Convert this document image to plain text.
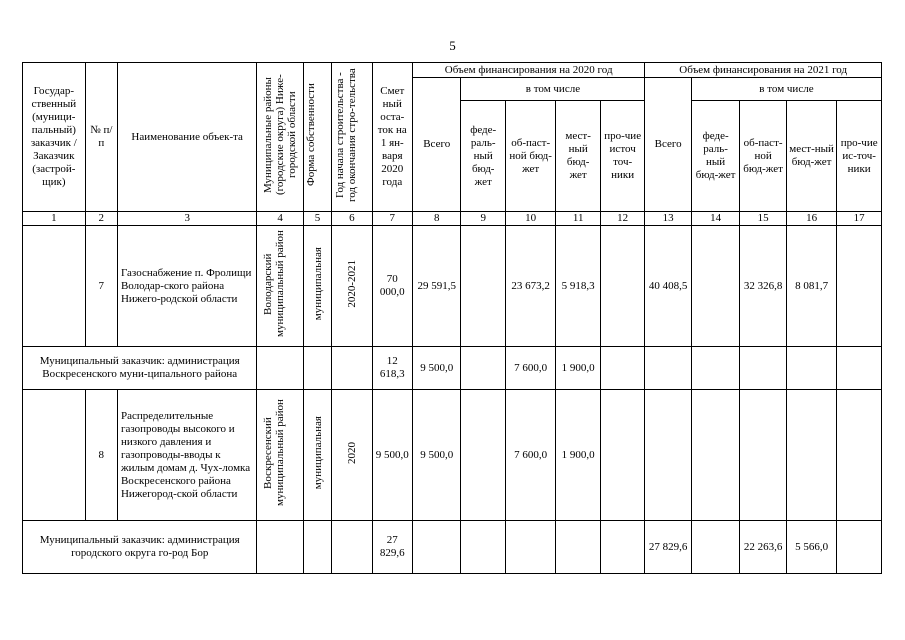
5
Государ-ственный (муници-пальный) заказчик /Заказчик (застрой-щик)	№ п/п	Наименование объек-та	Муниципальные районы (городские округа) Ниже-городской области	Форма собственности	Год начала строительства - год окончания стро-тельства	Смет ный оста-ток на 1 ян-варя 2020 года	Объем финансирования на 2020 год					Объем финансирования на 2021 год				
							Всего	в том числе				Всего	в том числе			
								феде-раль-ный бюд-жет	об-паст-ной бюд-жет	мест-ный бюд-жет	про-чие источ точ-ники		феде-раль-ный бюд-жет	об-паст-ной бюд-жет	мест-ный бюд-жет	про-чие ис-точ-ники
1	2	3	4	5	6	7	8	9	10	11	12	13	14	15	16	17
	7	Газоснабжение п. Фролищи Володар-ского района Нижего-родской области	Володарский муниципальный район	муниципальная	2020-2021	70 000,0	29 591,5		23 673,2	5 918,3		40 408,5		32 326,8	8 081,7	
Муниципальный заказчик: администрация Воскресенского муни-ципального района						12 618,3	9 500,0		7 600,0	1 900,0						
	8	Распределительные газопроводы высокого и низкого давления и газопроводы-вводы к жилым домам д. Чух-ломка Воскресенского района Нижегород-ской области	Воскресенский муниципальный район	муниципальная	2020	9 500,0	9 500,0		7 600,0	1 900,0						
Муниципальный заказчик: администрация городского округа го-род Бор						27 829,6						27 829,6		22 263,6	5 566,0	
